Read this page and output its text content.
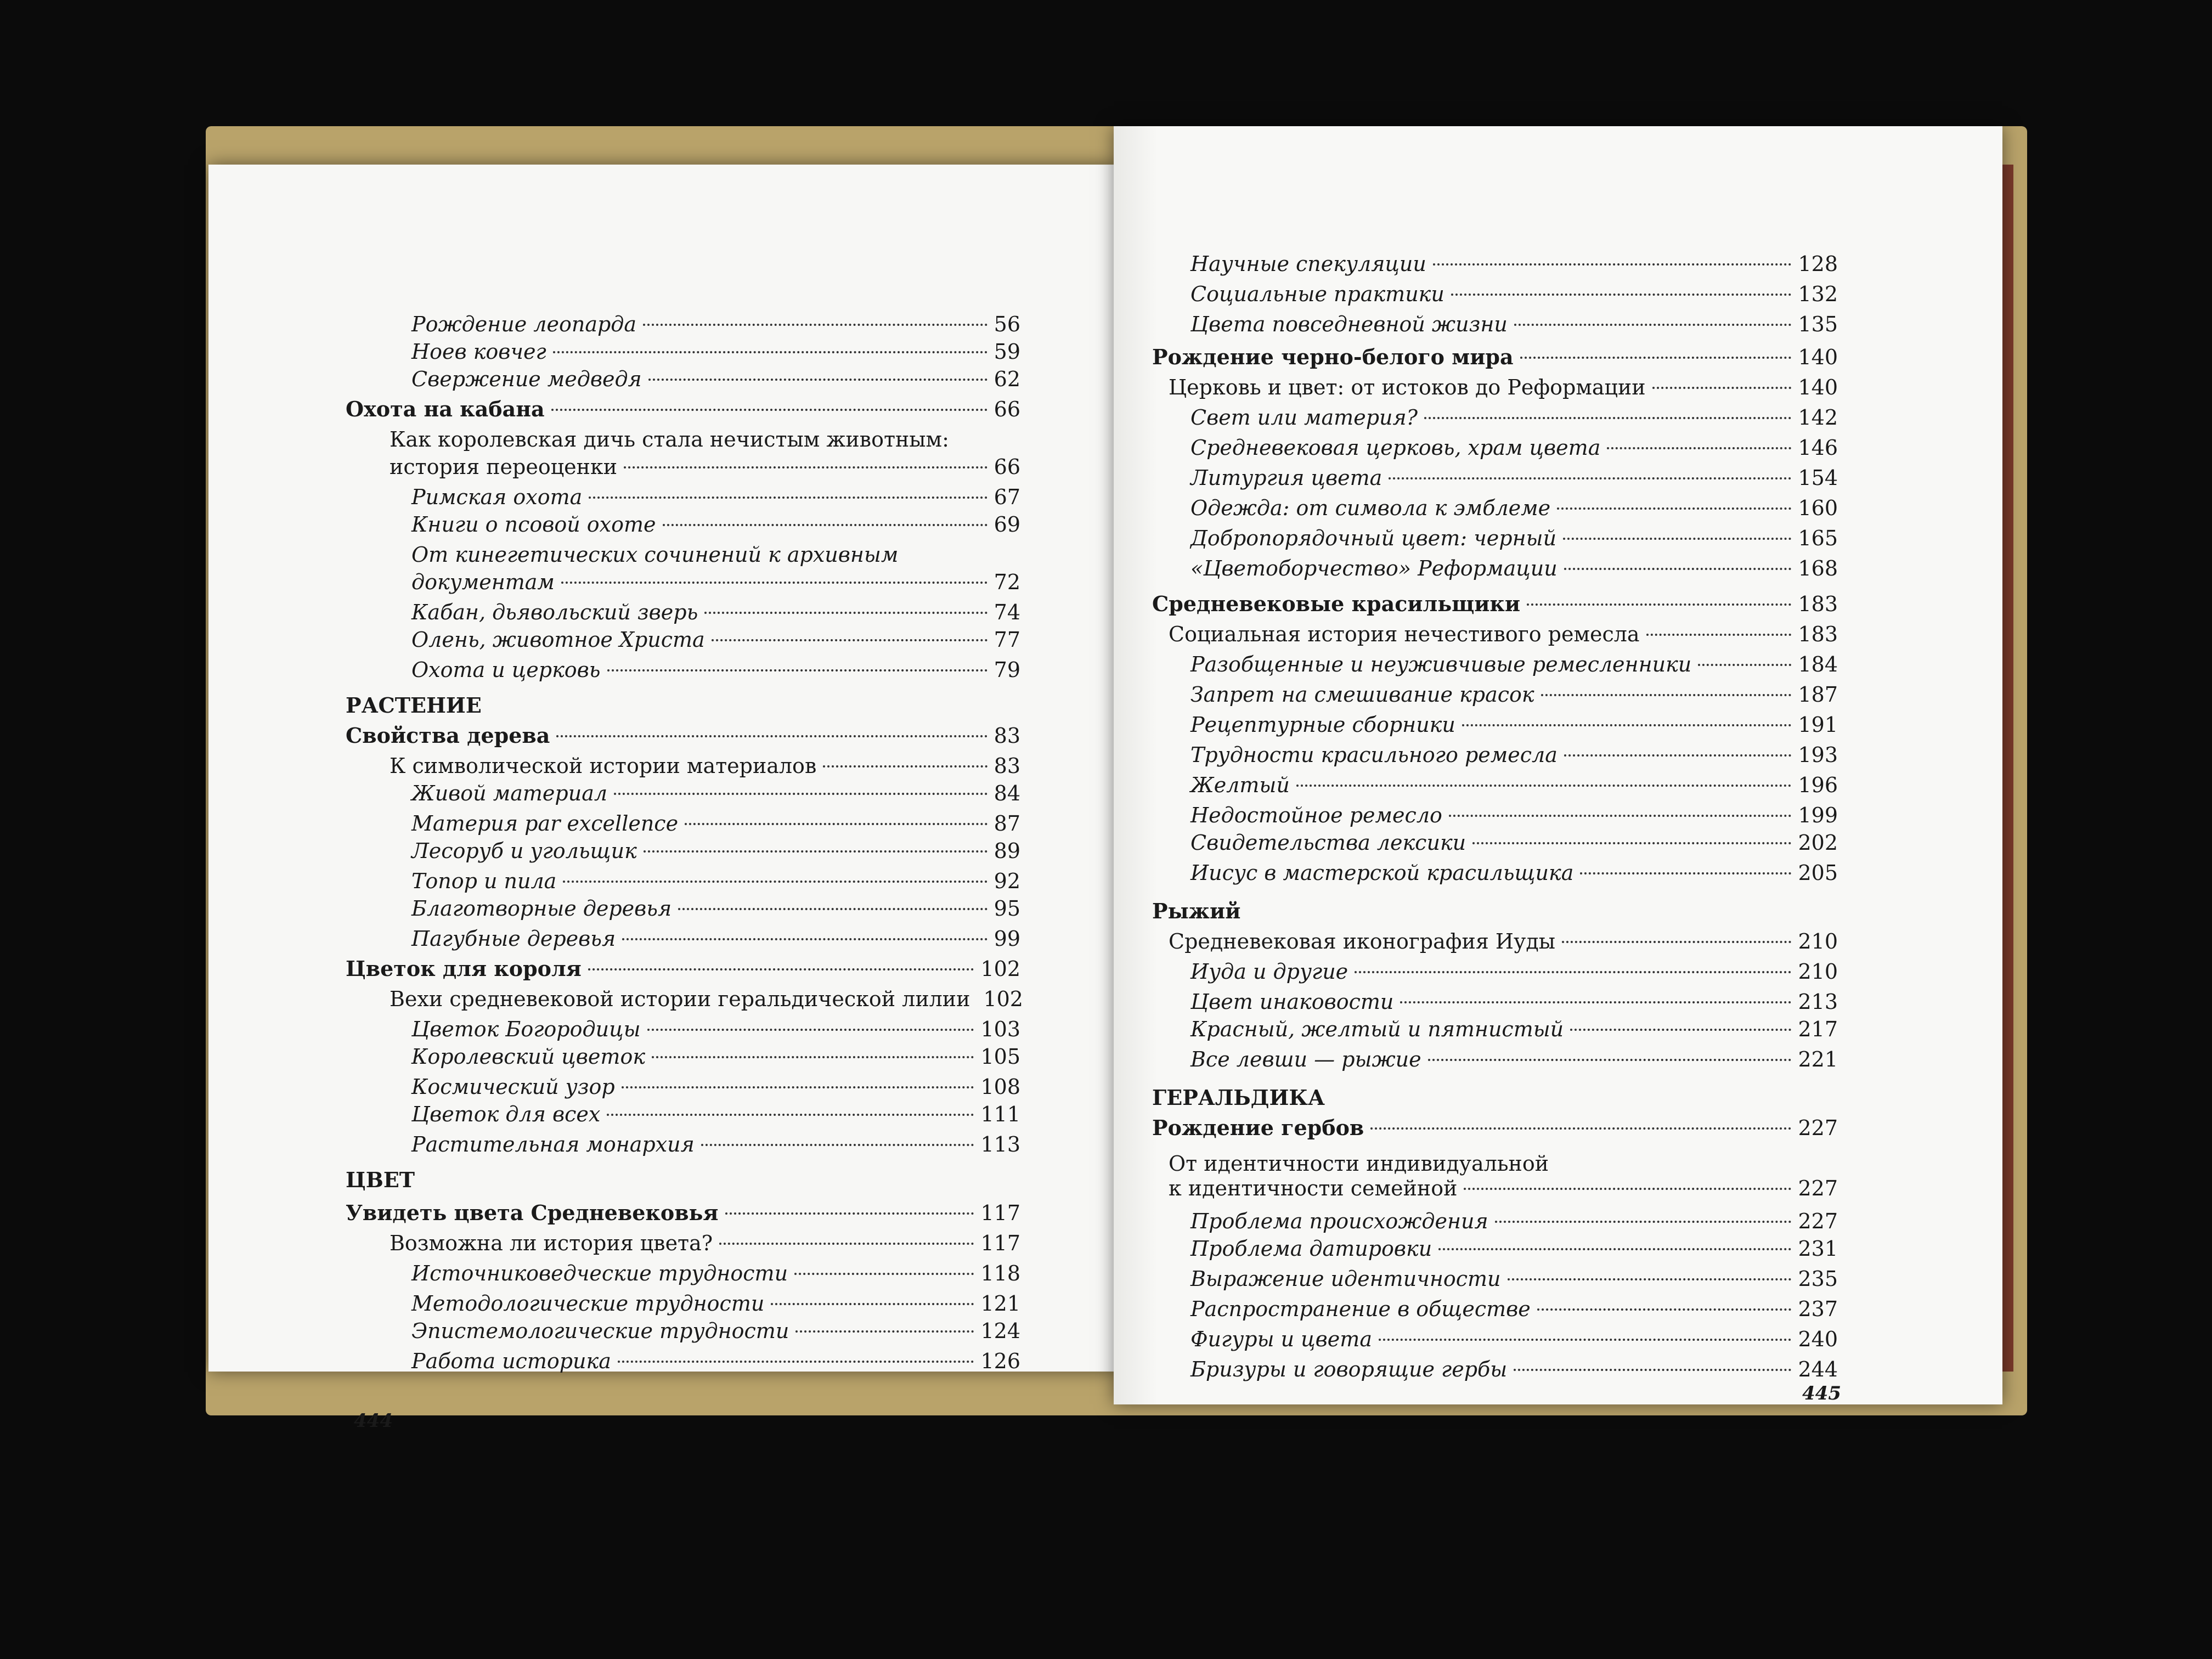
Рождение леопарда	56
Ноев ковчег	59
Свержение медведя	62
Охота на кабана	66
Как королевская дичь стала нечистым животным:
история переоценки	66
Римская охота	67
Книги о псовой охоте	69
От кинегетических сочинений к архивным
документам	72
Кабан, дьявольский зверь	74
Олень, животное Христа	77
Охота и церковь	79
РАСТЕНИЕ
Свойства дерева	83
К символической истории материалов	83
Живой материал	84
Материя par excellence	87
Лесоруб и угольщик	89
Топор и пила	92
Благотворные деревья	95
Пагубные деревья	99
Цветок для короля	102
Вехи средневековой истории геральдической лилии 102
Цветок Богородицы	103
Королевский цветок	105
Космический узор	108
Цветок для всех	111
Растительная монархия	113
ЦВЕТ
Увидеть цвета Средневековья	117
Возможна ли история цвета?	117
Источниковедческие трудности	118
Методологические трудности	121
Эпистемологические трудности	124
Работа историка	126
444
Научные спекуляции	128
Социальные практики	132
Цвета повседневной жизни	135
Рождение черно-белого мира	140
Церковь и цвет: от истоков до Реформации	140
Свет или материя?	142
Средневековая церковь, храм цвета	146
Литургия цвета	154
Одежда: от символа к эмблеме	160
Добропорядочный цвет: черный	165
«Цветоборчество» Реформации	168
Средневековые красильщики	183
Социальная история нечестивого ремесла	183
Разобщенные и неуживчивые ремесленники	184
Запрет на смешивание красок	187
Рецептурные сборники	191
Трудности красильного ремесла	193
Желтый	196
Недостойное ремесло	199
Свидетельства лексики	202
Иисус в мастерской красильщика	205
Рыжий
Средневековая иконография Иуды	210
Иуда и другие	210
Цвет инаковости	213
Красный, желтый и пятнистый	217
Все левши — рыжие	221
ГЕРАЛЬДИКА
Рождение гербов	227
От идентичности индивидуальной
к идентичности семейной	227
Проблема происхождения	227
Проблема датировки	231
Выражение идентичности	235
Распространение в обществе	237
Фигуры и цвета	240
Бризуры и говорящие гербы	244
445
